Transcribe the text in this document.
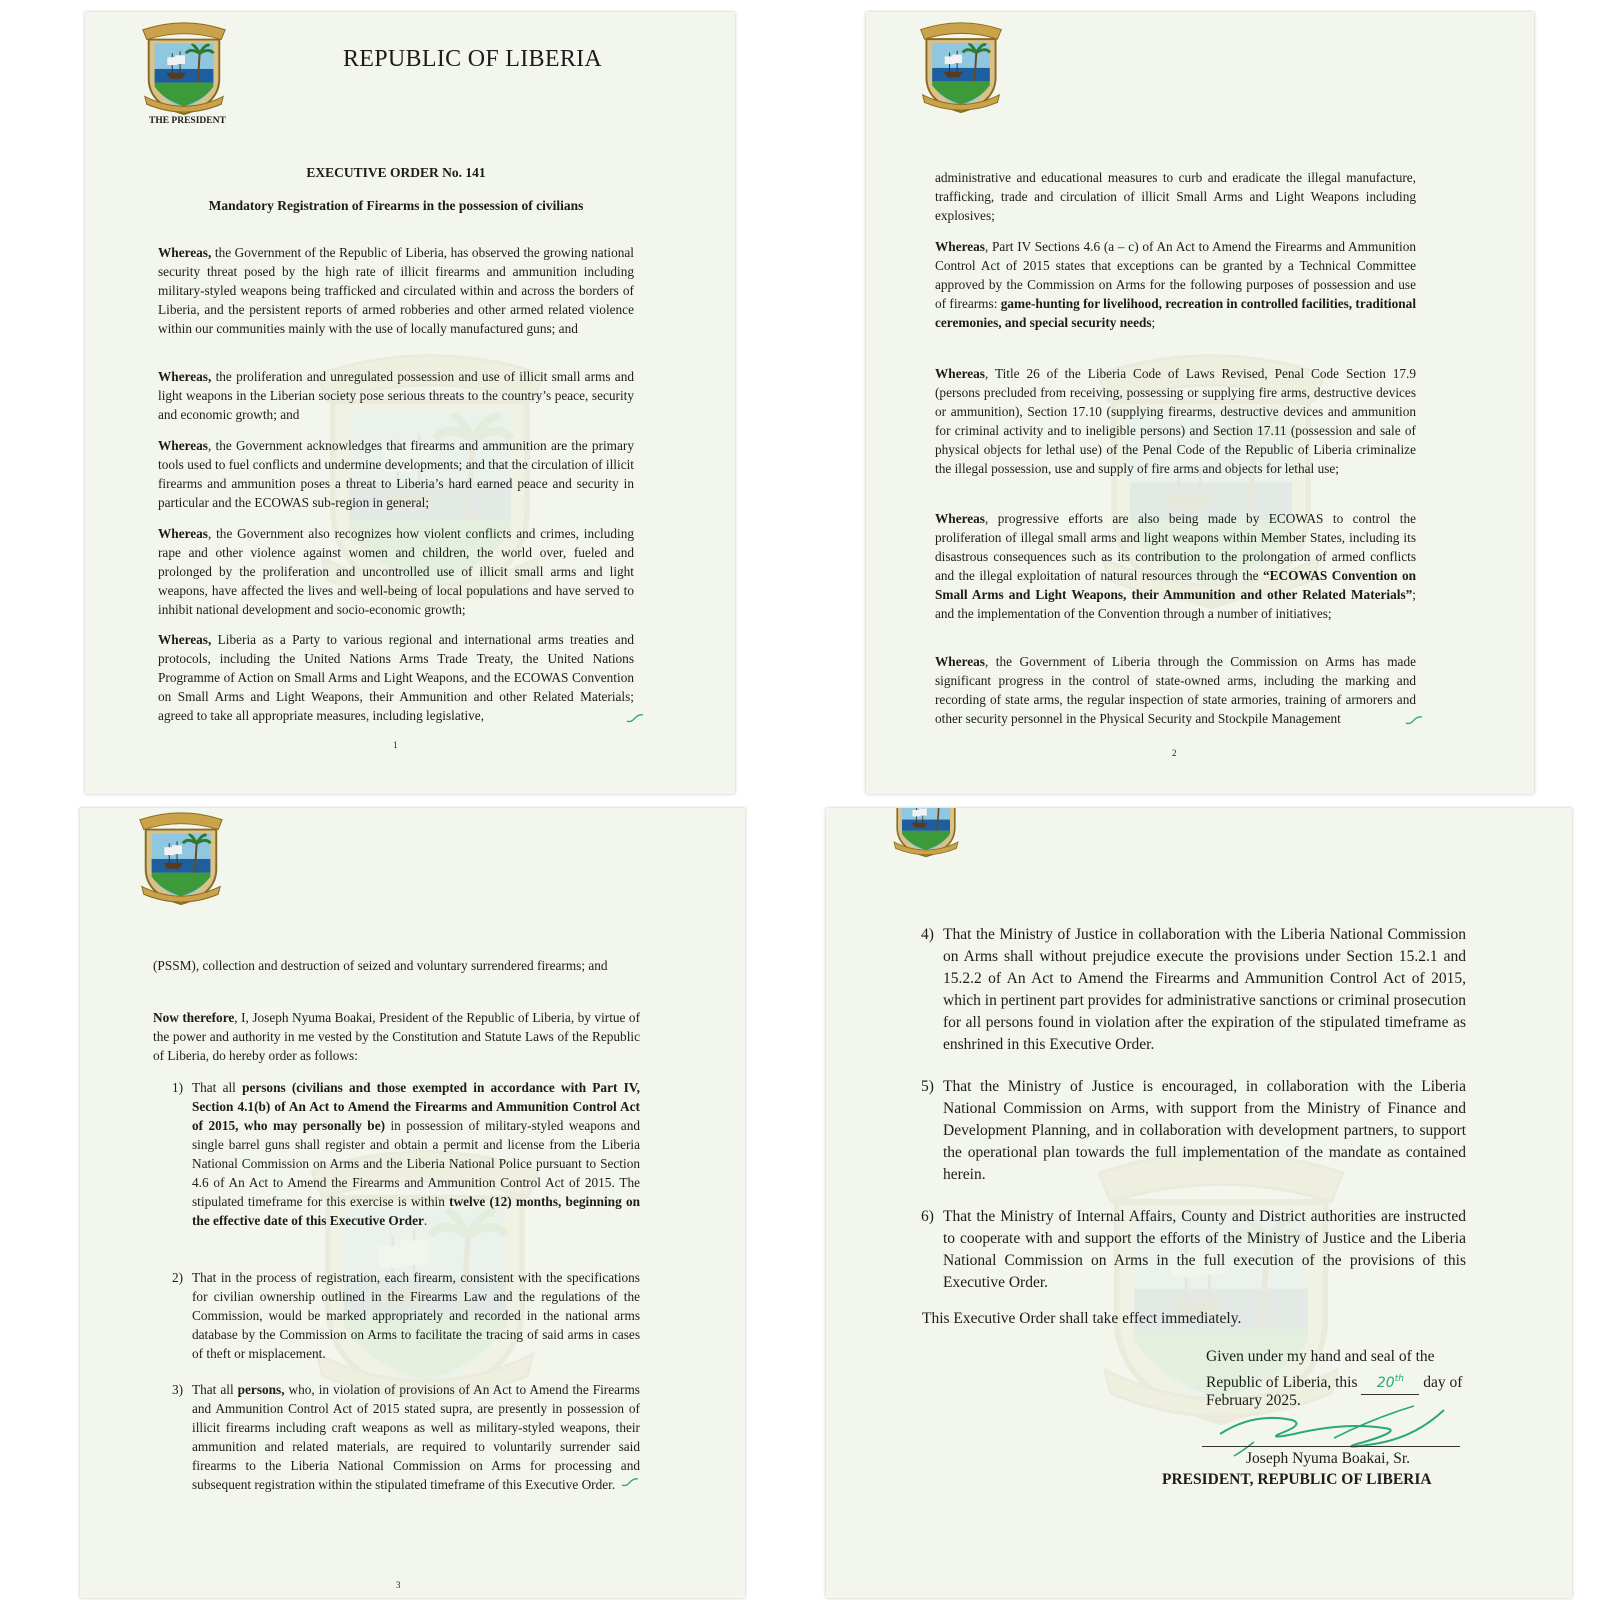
THE PRESIDENT
REPUBLIC OF LIBERIA
EXECUTIVE ORDER No. 141
Mandatory Registration of Firearms in the possession of civilians
Whereas, the Government of the Republic of Liberia, has observed the growing national security threat posed by the high rate of illicit firearms and ammunition including military-styled weapons being trafficked and circulated within and across the borders of Liberia, and the persistent reports of armed robberies and other armed related violence within our communities mainly with the use of locally manufactured guns; and
Whereas, the proliferation and unregulated possession and use of illicit small arms and light weapons in the Liberian society pose serious threats to the country’s peace, security and economic growth; and
Whereas, the Government acknowledges that firearms and ammunition are the primary tools used to fuel conflicts and undermine developments; and that the circulation of illicit firearms and ammunition poses a threat to Liberia’s hard earned peace and security in particular and the ECOWAS sub-region in general;
Whereas, the Government also recognizes how violent conflicts and crimes, including rape and other violence against women and children, the world over, fueled and prolonged by the proliferation and uncontrolled use of illicit small arms and light weapons, have affected the lives and well-being of local populations and have served to inhibit national development and socio-economic growth;
Whereas, Liberia as a Party to various regional and international arms treaties and protocols, including the United Nations Arms Trade Treaty, the United Nations Programme of Action on Small Arms and Light Weapons, and the ECOWAS Convention on Small Arms and Light Weapons, their Ammunition and other Related Materials; agreed to take all appropriate measures, including legislative,
1
administrative and educational measures to curb and eradicate the illegal manufacture, trafficking, trade and circulation of illicit Small Arms and Light Weapons including explosives;
Whereas, Part IV Sections 4.6 (a – c) of An Act to Amend the Firearms and Ammunition Control Act of 2015 states that exceptions can be granted by a Technical Committee approved by the Commission on Arms for the following purposes of possession and use of firearms: game-hunting for livelihood, recreation in controlled facilities, traditional ceremonies, and special security needs;
Whereas, Title 26 of the Liberia Code of Laws Revised, Penal Code Section 17.9 (persons precluded from receiving, possessing or supplying fire arms, destructive devices or ammunition), Section 17.10 (supplying firearms, destructive devices and ammunition for criminal activity and to ineligible persons) and Section 17.11 (possession and sale of physical objects for lethal use) of the Penal Code of the Republic of Liberia criminalize the illegal possession, use and supply of fire arms and objects for lethal use;
Whereas, progressive efforts are also being made by ECOWAS to control the proliferation of illegal small arms and light weapons within Member States, including its disastrous consequences such as its contribution to the prolongation of armed conflicts and the illegal exploitation of natural resources through the “ECOWAS Convention on Small Arms and Light Weapons, their Ammunition and other Related Materials”; and the implementation of the Convention through a number of initiatives;
Whereas, the Government of Liberia through the Commission on Arms has made significant progress in the control of state-owned arms, including the marking and recording of state arms, the regular inspection of state armories, training of armorers and other security personnel in the Physical Security and Stockpile Management
2
(PSSM), collection and destruction of seized and voluntary surrendered firearms; and
Now therefore, I, Joseph Nyuma Boakai, President of the Republic of Liberia, by virtue of the power and authority in me vested by the Constitution and Statute Laws of the Republic of Liberia, do hereby order as follows:
1) That all persons (civilians and those exempted in accordance with Part IV, Section 4.1(b) of An Act to Amend the Firearms and Ammunition Control Act of 2015, who may personally be) in possession of military-styled weapons and single barrel guns shall register and obtain a permit and license from the Liberia National Commission on Arms and the Liberia National Police pursuant to Section 4.6 of An Act to Amend the Firearms and Ammunition Control Act of 2015. The stipulated timeframe for this exercise is within twelve (12) months, beginning on the effective date of this Executive Order.
2) That in the process of registration, each firearm, consistent with the specifications for civilian ownership outlined in the Firearms Law and the regulations of the Commission, would be marked appropriately and recorded in the national arms database by the Commission on Arms to facilitate the tracing of said arms in cases of theft or misplacement.
3) That all persons, who, in violation of provisions of An Act to Amend the Firearms and Ammunition Control Act of 2015 stated supra, are presently in possession of illicit firearms including craft weapons as well as military-styled weapons, their ammunition and related materials, are required to voluntarily surrender said firearms to the Liberia National Commission on Arms for processing and subsequent registration within the stipulated timeframe of this Executive Order.
3
4) That the Ministry of Justice in collaboration with the Liberia National Commission on Arms shall without prejudice execute the provisions under Section 15.2.1 and 15.2.2 of An Act to Amend the Firearms and Ammunition Control Act of 2015, which in pertinent part provides for administrative sanctions or criminal prosecution for all persons found in violation after the expiration of the stipulated timeframe as enshrined in this Executive Order.
5) That the Ministry of Justice is encouraged, in collaboration with the Liberia National Commission on Arms, with support from the Ministry of Finance and Development Planning, and in collaboration with development partners, to support the operational plan towards the full implementation of the mandate as contained herein.
6) That the Ministry of Internal Affairs, County and District authorities are instructed to cooperate with and support the efforts of the Ministry of Justice and the Liberia National Commission on Arms in the full execution of the provisions of this Executive Order.
This Executive Order shall take effect immediately.
Given under my hand and seal of the
Republic of Liberia, this 20th day of
February 2025.
Joseph Nyuma Boakai, Sr.
PRESIDENT, REPUBLIC OF LIBERIA
